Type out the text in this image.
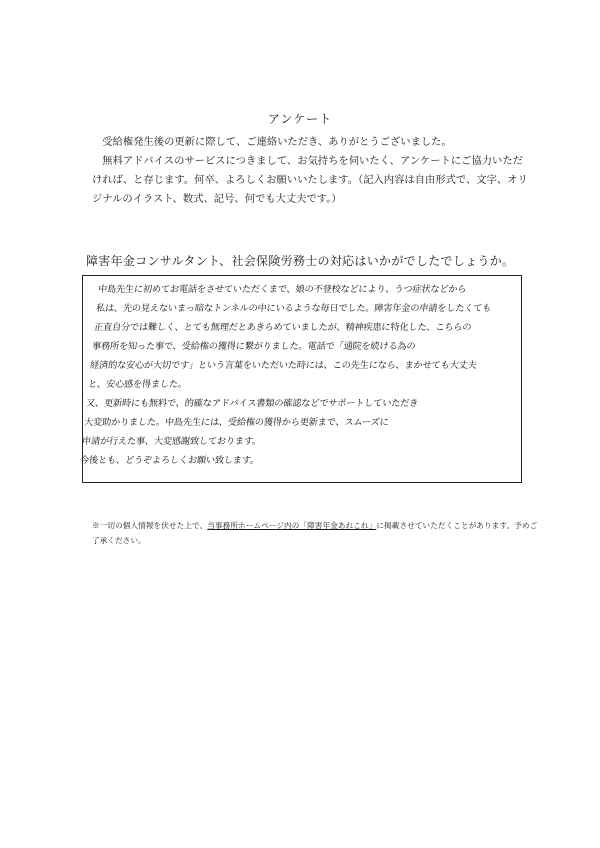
アンケート

受給権発生後の更新に際して、ご連絡いただき、ありがとうございました。

無料アドバイスのサービスにつきまして、お気持ちを伺いたく、アンケートにご協力いただければ、と存じます。何卒、よろしくお願いいたします。（記入内容は自由形式で、文字、オリジナルのイラスト、数式、記号、何でも大丈夫です。）

障害年金コンサルタント、社会保険労務士の対応はいかがでしたでしょうか。
中島先生に初めてお電話をさせていただくまで、娘の不登校などにより、うつ症状などから
私は、先の見えないまっ暗なトンネルの中にいるような毎日でした。障害年金の申請をしたくても
正直自分では難しく、とても無理だとあきらめていましたが、精神疾患に特化した、こちらの
事務所を知った事で、受給権の獲得に繋がりました。電話で「通院を続ける為の
経済的な安心が大切です」という言葉をいただいた時には、この先生になら、まかせても大丈夫
と、安心感を得ました。
又、更新時にも無料で、的確なアドバイス書類の確認などでサポートしていただき
大変助かりました。中島先生には、受給権の獲得から更新まで、スムーズに
申請が行えた事、大変感謝致しております。
今後とも、どうぞよろしくお願い致します。
※一切の個人情報を伏せた上で、当事務所ホームページ内の「障害年金あれこれ」に掲載させていただくことがあります。予めご了承ください。
